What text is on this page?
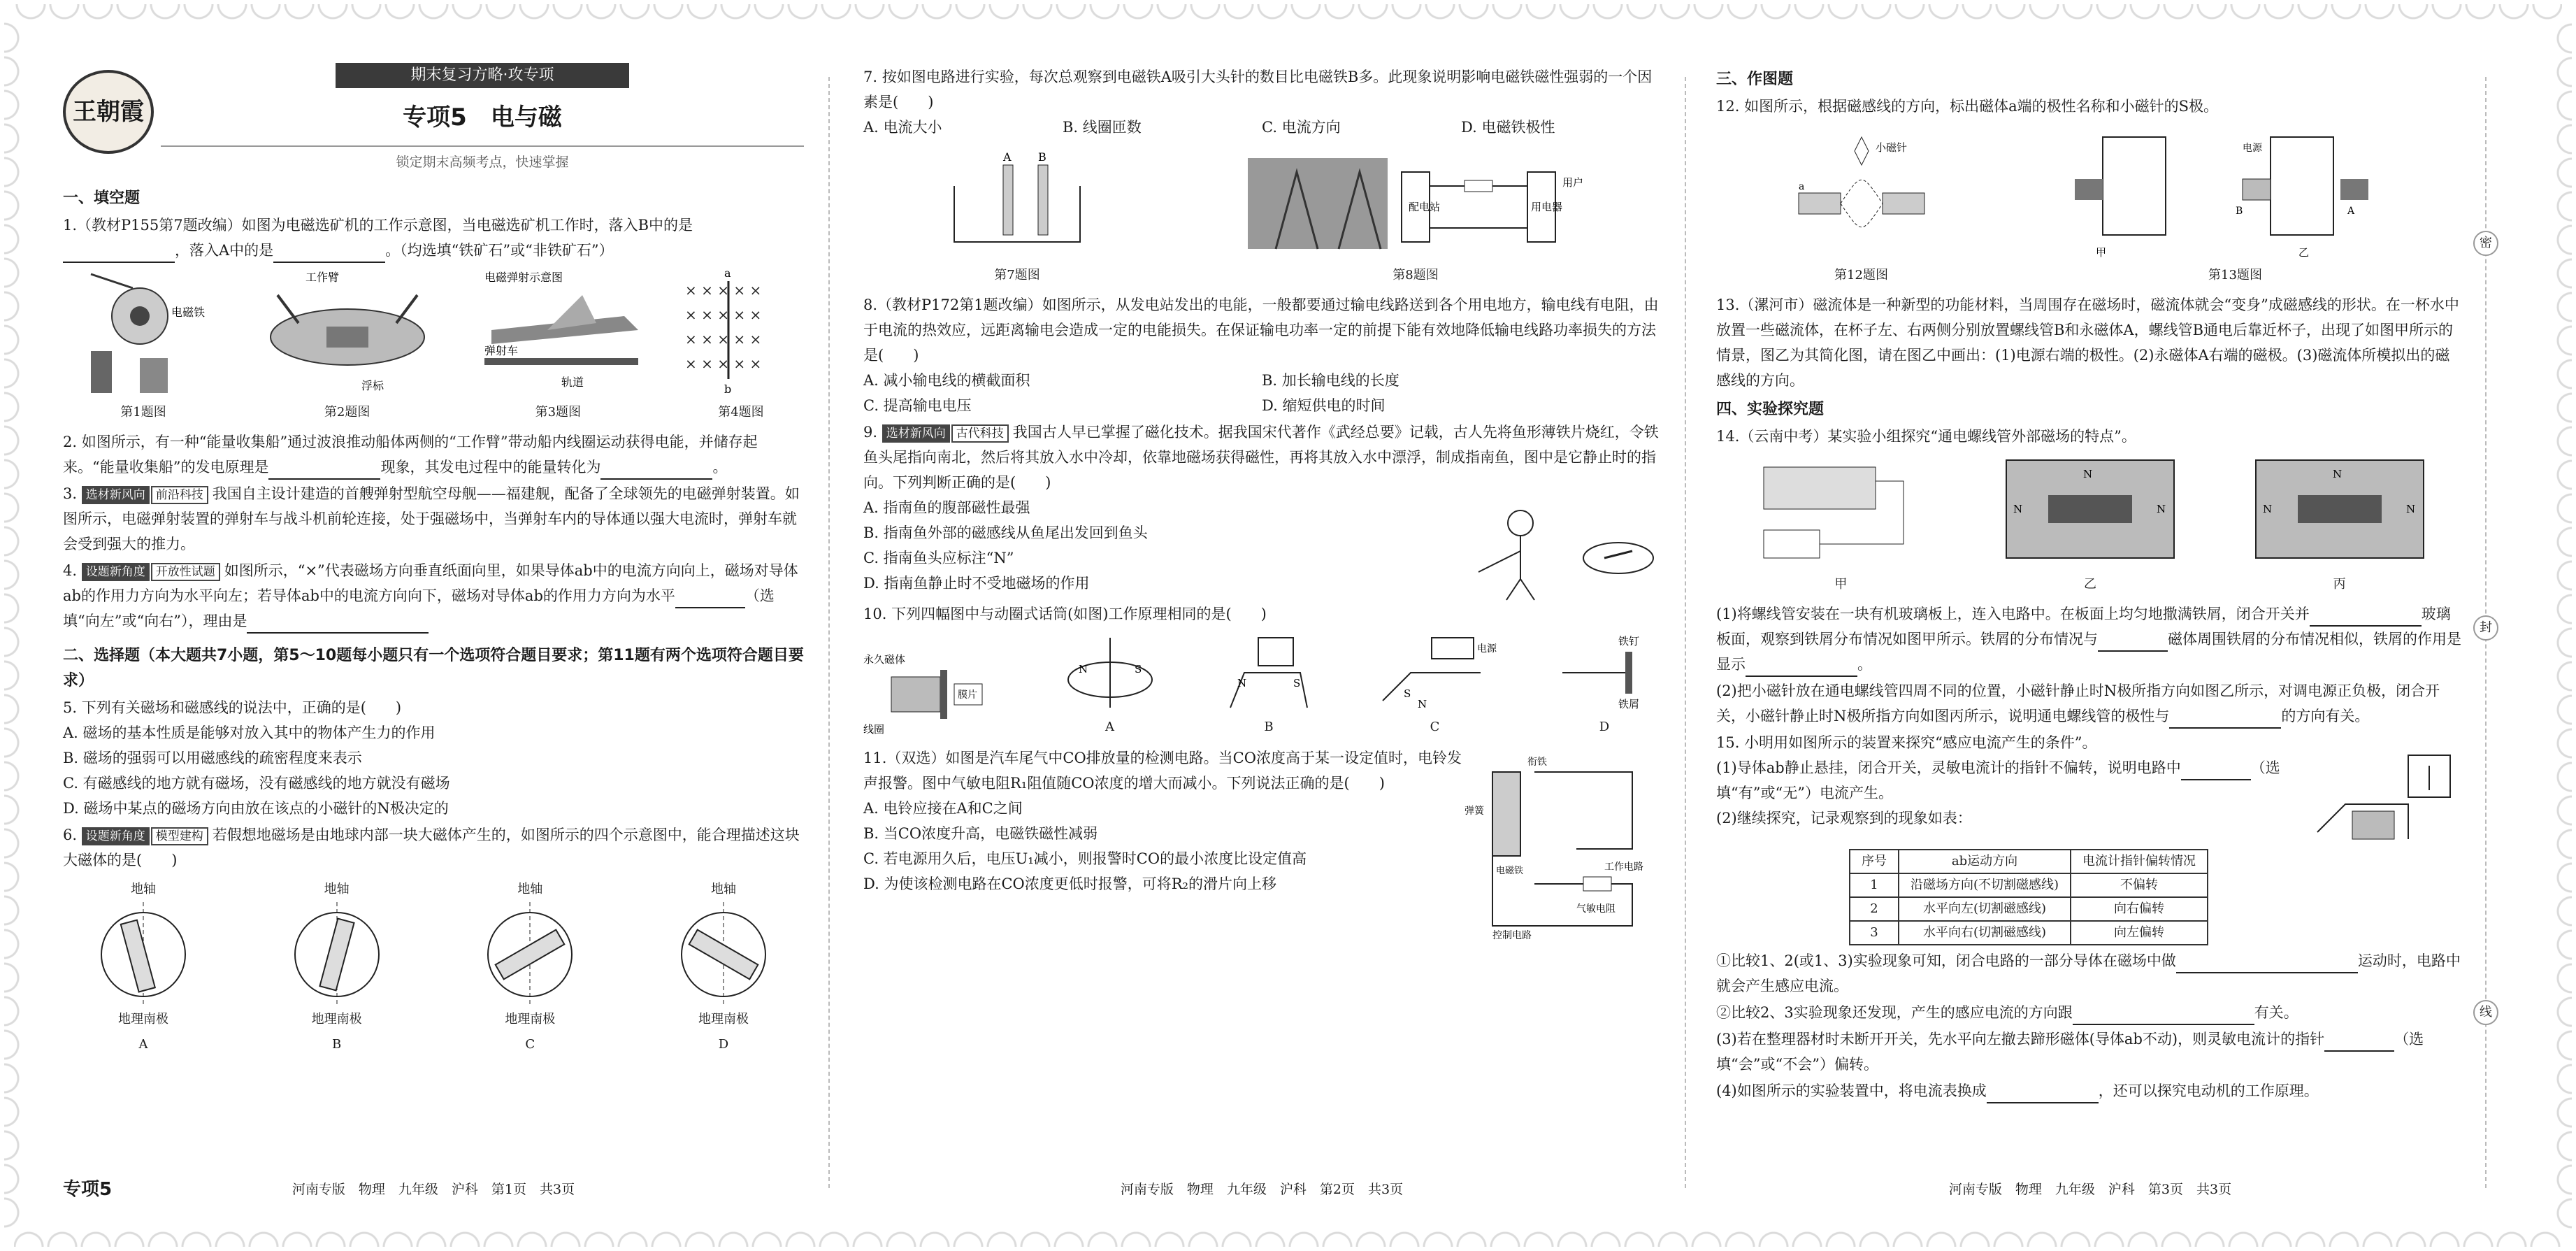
密
封
线
王朝霞
期末复习方略·攻专项
专项5　电与磁
锁定期末高频考点，快速掌握
一、填空题
1.（教材P155第7题改编）如图为电磁选矿机的工作示意图，当电磁选矿机工作时，落入B中的是，落入A中的是	。（均选填“铁矿石”或“非铁矿石”）
电磁铁
第1题图
工作臂
浮标
第2题图
电磁弹射示意图
弹射车
轨道
第3题图
× × × × ×
× × × × ×
× × × × ×
× × × × ×
a
b
第4题图
2. 如图所示，有一种“能量收集船”通过波浪推动船体两侧的“工作臂”带动船内线圈运动获得电能，并储存起来。“能量收集船”的发电原理是	现象，其发电过程中的能量转化为	。
3. 选材新风向 前沿科技 我国自主设计建造的首艘弹射型航空母舰——福建舰，配备了全球领先的电磁弹射装置。如图所示，电磁弹射装置的弹射车与战斗机前轮连接，处于强磁场中，当弹射车内的导体通以强大电流时，弹射车就会受到强大的推力。
4. 设题新角度 开放性试题 如图所示，“×”代表磁场方向垂直纸面向里，如果导体ab中的电流方向向上，磁场对导体ab的作用力方向为水平向左；若导体ab中的电流方向向下，磁场对导体ab的作用力方向为水平	（选填“向左”或“向右”），理由是
二、选择题（本大题共7小题，第5～10题每小题只有一个选项符合题目要求；第11题有两个选项符合题目要求）
5. 下列有关磁场和磁感线的说法中，正确的是(　　)
A. 磁场的基本性质是能够对放入其中的物体产生力的作用
B. 磁场的强弱可以用磁感线的疏密程度来表示
C. 有磁感线的地方就有磁场，没有磁感线的地方就没有磁场
D. 磁场中某点的磁场方向由放在该点的小磁针的N极决定的
6. 设题新角度 模型建构 若假想地磁场是由地球内部一块大磁体产生的，如图所示的四个示意图中，能合理描述这块大磁体的是(　　)
地轴
地理南极
A
地轴
地理南极
B
地轴
地理南极
C
地轴
地理南极
D
专项5	河南专版　物理　九年级　沪科　第1页　共3页
7. 按如图电路进行实验，每次总观察到电磁铁A吸引大头针的数目比电磁铁B多。此现象说明影响电磁铁磁性强弱的一个因素是(　　)
A. 电流大小	B. 线圈匝数	C. 电流方向	D. 电磁铁极性
A B
第7题图
配电站	用电器
用户
第8题图
8.（教材P172第1题改编）如图所示，从发电站发出的电能，一般都要通过输电线路送到各个用电地方，输电线有电阻，由于电流的热效应，远距离输电会造成一定的电能损失。在保证输电功率一定的前提下能有效地降低输电线路功率损失的方法是(　　)
A. 减小输电线的横截面积	B. 加长输电线的长度
C. 提高输电电压	D. 缩短供电的时间
9. 选材新风向 古代科技 我国古人早已掌握了磁化技术。据我国宋代著作《武经总要》记载，古人先将鱼形薄铁片烧红，令铁鱼头尾指向南北，然后将其放入水中冷却，依靠地磁场获得磁性，再将其放入水中漂浮，制成指南鱼，图中是它静止时的指向。下列判断正确的是(　　)
A. 指南鱼的腹部磁性最强
B. 指南鱼外部的磁感线从鱼尾出发回到鱼头
C. 指南鱼头应标注“N”
D. 指南鱼静止时不受地磁场的作用
10. 下列四幅图中与动圈式话筒(如图)工作原理相同的是(　　)
永久磁体
膜片
线圈
N	S
A
N	S
B
电源
S
N
C
铁钉
铁屑
D
11.（双选）如图是汽车尾气中CO排放量的检测电路。当CO浓度高于某一设定值时，电铃发声报警。图中气敏电阻R₁阻值随CO浓度的增大而减小。下列说法正确的是(　　)
A. 电铃应接在A和C之间
B. 当CO浓度升高，电磁铁磁性减弱
C. 若电源用久后，电压U₁减小，则报警时CO的最小浓度比设定值高
D. 为使该检测电路在CO浓度更低时报警，可将R₂的滑片向上移
衔铁
弹簧
电磁铁	工作电路
控制电路
气敏电阻
河南专版　物理　九年级　沪科　第2页　共3页
三、作图题
12. 如图所示，根据磁感线的方向，标出磁体a端的极性名称和小磁针的S极。
小磁针
a
第12题图
甲
电源
A
B
乙
第13题图
13.（漯河市）磁流体是一种新型的功能材料，当周围存在磁场时，磁流体就会“变身”成磁感线的形状。在一杯水中放置一些磁流体，在杯子左、右两侧分别放置螺线管B和永磁体A，螺线管B通电后靠近杯子，出现了如图甲所示的情景，图乙为其简化图，请在图乙中画出：(1)电源右端的极性。(2)永磁体A右端的磁极。(3)磁流体所模拟出的磁感线的方向。
四、实验探究题
14.（云南中考）某实验小组探究“通电螺线管外部磁场的特点”。
甲
N
N	N
乙
N
N	N
丙
(1)将螺线管安装在一块有机玻璃板上，连入电路中。在板面上均匀地撒满铁屑，闭合开关并	玻璃板面，观察到铁屑分布情况如图甲所示。铁屑的分布情况与	磁体周围铁屑的分布情况相似，铁屑的作用是显示	。
(2)把小磁针放在通电螺线管四周不同的位置，小磁针静止时N极所指方向如图乙所示，对调电源正负极，闭合开关，小磁针静止时N极所指方向如图丙所示，说明通电螺线管的极性与	的方向有关。
15. 小明用如图所示的装置来探究“感应电流产生的条件”。
(1)导体ab静止悬挂，闭合开关，灵敏电流计的指针不偏转，说明电路中	（选填“有”或“无”）电流产生。
(2)继续探究，记录观察到的现象如表：
序号	ab运动方向	电流计指针偏转情况
1	沿磁场方向(不切割磁感线)	不偏转
2	水平向左(切割磁感线)	向右偏转
3	水平向右(切割磁感线)	向左偏转
①比较1、2(或1、3)实验现象可知，闭合电路的一部分导体在磁场中做	运动时，电路中就会产生感应电流。
②比较2、3实验现象还发现，产生的感应电流的方向跟	有关。
(3)若在整理器材时未断开开关，先水平向左撤去蹄形磁体(导体ab不动)，则灵敏电流计的指针	（选填“会”或“不会”）偏转。
(4)如图所示的实验装置中，将电流表换成	，还可以探究电动机的工作原理。
河南专版　物理　九年级　沪科　第3页　共3页
